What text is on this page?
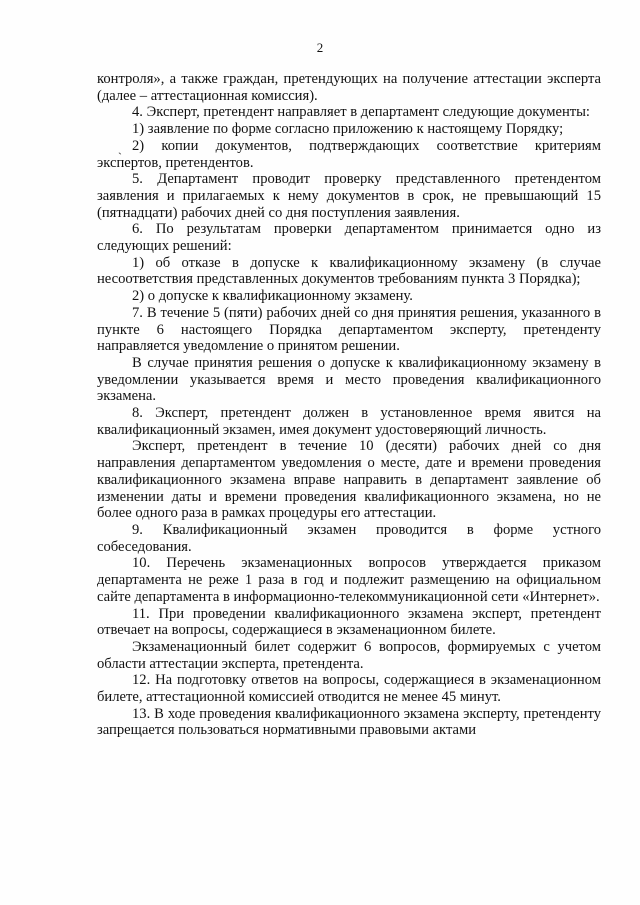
2
ˎ

контроля», а также граждан, претендующих на получение аттестации эксперта (далее – аттестационная комиссия).

4. Эксперт, претендент направляет в департамент следующие документы:

1) заявление по форме согласно приложению к настоящему Порядку;

2) копии документов, подтверждающих соответствие критериям экспертов, претендентов.

5. Департамент проводит проверку представленного претендентом заявления и прилагаемых к нему документов в срок, не превышающий 15 (пятнадцати) рабочих дней со дня поступления заявления.

6. По результатам проверки департаментом принимается одно из следующих решений:

1) об отказе в допуске к квалификационному экзамену (в случае несоответствия представленных документов требованиям пункта 3 Порядка);

2) о допуске к квалификационному экзамену.

7. В течение 5 (пяти) рабочих дней со дня принятия решения, указанного в пункте 6 настоящего Порядка департаментом эксперту, претенденту направляется уведомление о принятом решении.

В случае принятия решения о допуске к квалификационному экзамену в уведомлении указывается время и место проведения квалификационного экзамена.

8. Эксперт, претендент должен в установленное время явится на квалификационный экзамен, имея документ удостоверяющий личность.

Эксперт, претендент в течение 10 (десяти) рабочих дней со дня направления департаментом уведомления о месте, дате и времени проведения квалификационного экзамена вправе направить в департамент заявление об изменении даты и времени проведения квалификационного экзамена, но не более одного раза в рамках процедуры его аттестации.

9. Квалификационный экзамен проводится в форме устного собеседования.

10. Перечень экзаменационных вопросов утверждается приказом департамента не реже 1 раза в год и подлежит размещению на официальном сайте департамента в информационно-телекоммуникационной сети «Интернет».

11. При проведении квалификационного экзамена эксперт, претендент отвечает на вопросы, содержащиеся в экзаменационном билете.

Экзаменационный билет содержит 6 вопросов, формируемых с учетом области аттестации эксперта, претендента.

12. На подготовку ответов на вопросы, содержащиеся в экзаменационном билете, аттестационной комиссией отводится не менее 45 минут.

13. В ходе проведения квалификационного экзамена эксперту, претенденту запрещается пользоваться нормативными правовыми актами
